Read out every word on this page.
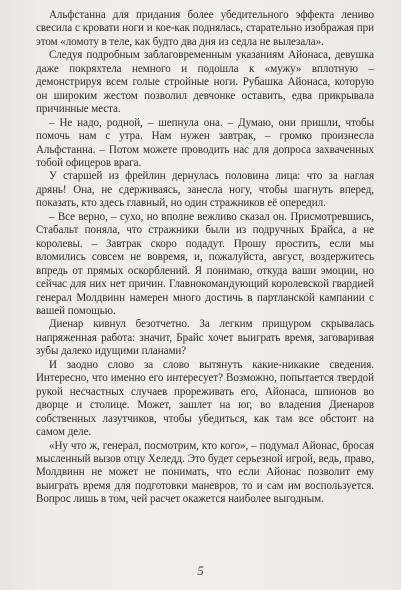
Альфстанна для придания более убедительного эффекта лениво свесила с кровати ноги и кое-как поднялась, старательно изображая при этом «ломоту в теле, как будто два дня из седла не вылезала».

Следуя подробным заблаговременным указаниям Айонаса, девушка даже покряхтела немного и подошла к «мужу» вплотную – демонстрируя всем голые стройные ноги. Рубашка Айонаса, которую он широким жестом позволил девчонке оставить, едва прикрывала причинные места.

– Не надо, родной, – шепнула она. – Думаю, они пришли, чтобы помочь нам с утра. Нам нужен завтрак, – громко произнесла Альфстанна. – Потом можете проводить нас для допроса захваченных тобой офицеров врага.

У старшей из фрейлин дернулась половина лица: что за наглая дрянь! Она, не сдерживаясь, занесла ногу, чтобы шагнуть вперед, показать, кто здесь главный, но один стражников её опередил.

– Все верно, – сухо, но вполне вежливо сказал он. Присмотревшись, Стабальт поняла, что стражники были из подручных Брайса, а не королевы. – Завтрак скоро подадут. Прошу простить, если мы вломились совсем не вовремя, и, пожалуйста, август, воздержитесь впредь от прямых оскорблений. Я понимаю, откуда ваши эмоции, но сейчас для них нет причин. Главнокомандующий королевской гвардией генерал Молдвинн намерен много достичь в партланской кампании с вашей помощью.

Диенар кивнул безотчетно. За легким прищуром скрывалась напряженная работа: значит, Брайс хочет выиграть время, заговаривая зубы далеко идущими планами?

И заодно слово за слово вытянуть какие-никакие сведения. Интересно, что именно его интересует? Возможно, попытается твердой рукой несчастных случаев прореживать его, Айонаса, шпионов во дворце и столице. Может, зашлет на юг, во владения Диенаров собственных лазутчиков, чтобы убедиться, как там все обстоит на самом деле.

«Ну что ж, генерал, посмотрим, кто кого», – подумал Айонас, бросая мысленный вызов отцу Хеледд. Это будет серьезной игрой, ведь, право, Молдвинн не может не понимать, что если Айонас позволит ему выиграть время для подготовки маневров, то и сам им воспользуется. Вопрос лишь в том, чей расчет окажется наиболее выгодным.

5
